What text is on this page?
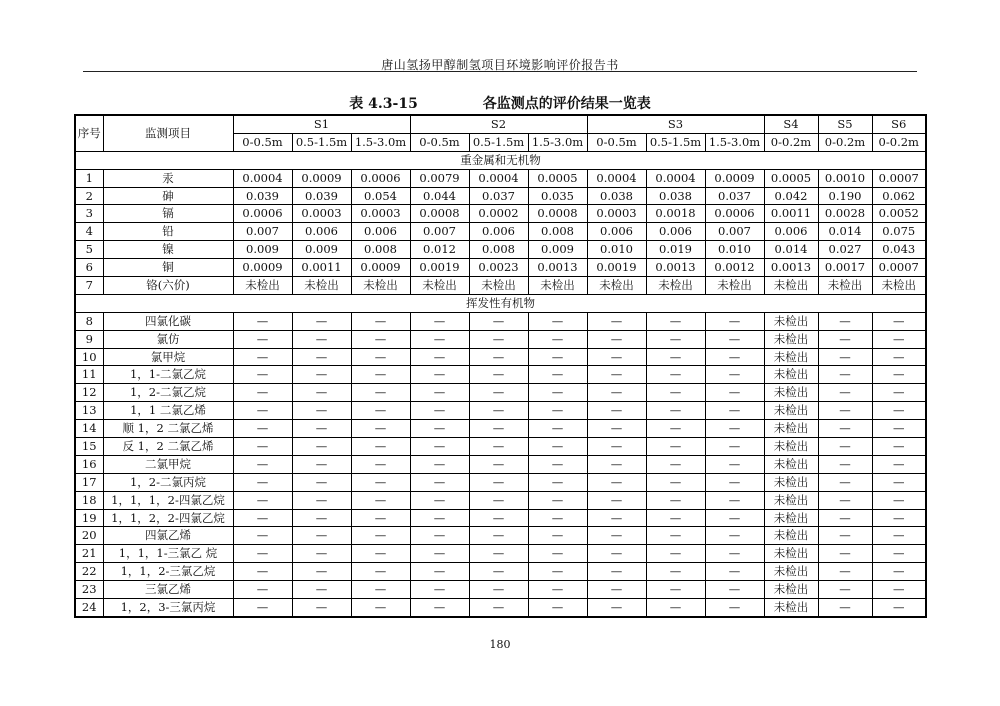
唐山氢扬甲醇制氢项目环境影响评价报告书
表 4.3-15	各监测点的评价结果一览表
序号	监测项目	S1			S2			S3			S4	S5	S6
		0-0.5m	0.5-1.5m	1.5-3.0m	0-0.5m	0.5-1.5m	1.5-3.0m	0-0.5m	0.5-1.5m	1.5-3.0m	0-0.2m	0-0.2m	0-0.2m
重金属和无机物													
1	汞	0.0004	0.0009	0.0006	0.0079	0.0004	0.0005	0.0004	0.0004	0.0009	0.0005	0.0010	0.0007
2	砷	0.039	0.039	0.054	0.044	0.037	0.035	0.038	0.038	0.037	0.042	0.190	0.062
3	镉	0.0006	0.0003	0.0003	0.0008	0.0002	0.0008	0.0003	0.0018	0.0006	0.0011	0.0028	0.0052
4	铅	0.007	0.006	0.006	0.007	0.006	0.008	0.006	0.006	0.007	0.006	0.014	0.075
5	镍	0.009	0.009	0.008	0.012	0.008	0.009	0.010	0.019	0.010	0.014	0.027	0.043
6	铜	0.0009	0.0011	0.0009	0.0019	0.0023	0.0013	0.0019	0.0013	0.0012	0.0013	0.0017	0.0007
7	铬(六价)	未检出	未检出	未检出	未检出	未检出	未检出	未检出	未检出	未检出	未检出	未检出	未检出
挥发性有机物													
8	四氯化碳	—	—	—	—	—	—	—	—	—	未检出	—	—
9	氯仿	—	—	—	—	—	—	—	—	—	未检出	—	—
10	氯甲烷	—	—	—	—	—	—	—	—	—	未检出	—	—
11	1，1-二氯乙烷	—	—	—	—	—	—	—	—	—	未检出	—	—
12	1，2-二氯乙烷	—	—	—	—	—	—	—	—	—	未检出	—	—
13	1，1 二氯乙烯	—	—	—	—	—	—	—	—	—	未检出	—	—
14	顺 1，2 二氯乙烯	—	—	—	—	—	—	—	—	—	未检出	—	—
15	反 1，2 二氯乙烯	—	—	—	—	—	—	—	—	—	未检出	—	—
16	二氯甲烷	—	—	—	—	—	—	—	—	—	未检出	—	—
17	1，2-二氯丙烷	—	—	—	—	—	—	—	—	—	未检出	—	—
18	1，1，1，2-四氯乙烷	—	—	—	—	—	—	—	—	—	未检出	—	—
19	1，1，2，2-四氯乙烷	—	—	—	—	—	—	—	—	—	未检出	—	—
20	四氯乙烯	—	—	—	—	—	—	—	—	—	未检出	—	—
21	1，1，1-三氯乙 烷	—	—	—	—	—	—	—	—	—	未检出	—	—
22	1，1，2-三氯乙烷	—	—	—	—	—	—	—	—	—	未检出	—	—
23	三氯乙烯	—	—	—	—	—	—	—	—	—	未检出	—	—
24	1，2，3-三氯丙烷	—	—	—	—	—	—	—	—	—	未检出	—	—
180
